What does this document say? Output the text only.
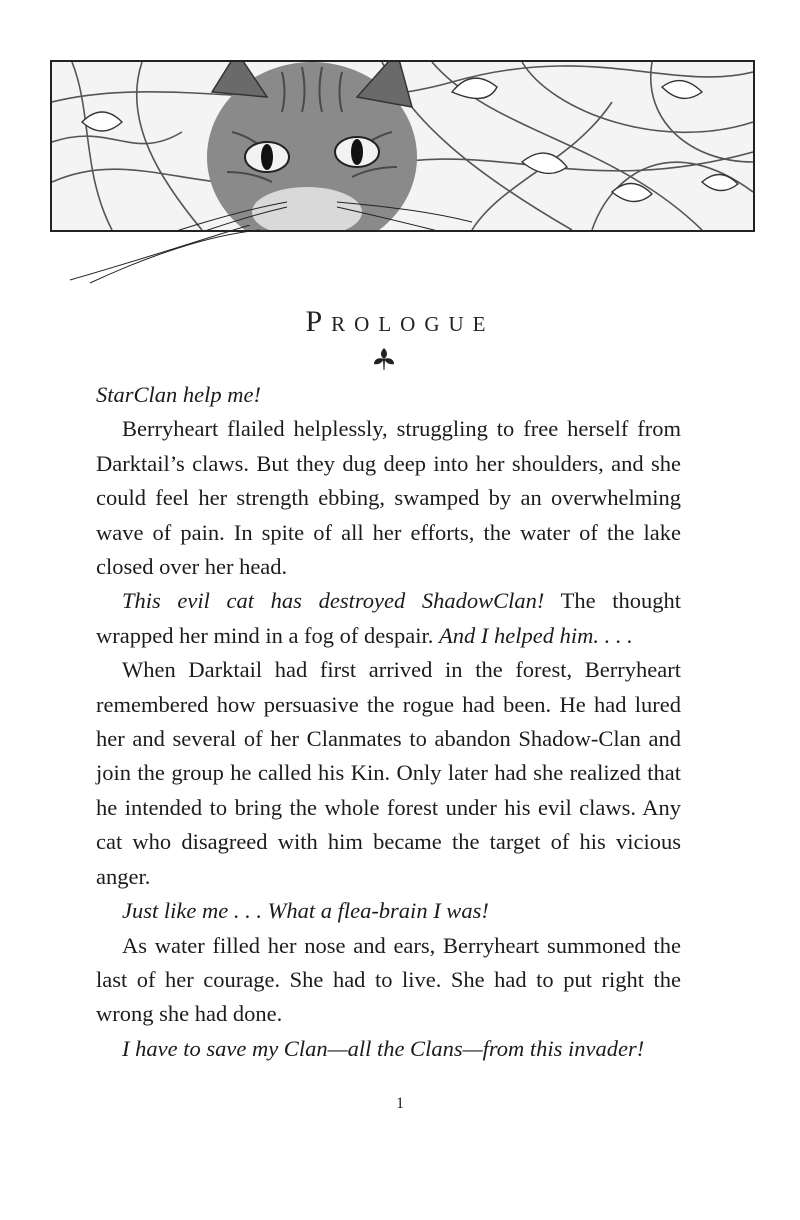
Prologue

StarClan help me!

Berryheart flailed helplessly, struggling to free herself from Darktail’s claws. But they dug deep into her shoulders, and she could feel her strength ebbing, swamped by an overwhelming wave of pain. In spite of all her efforts, the water of the lake closed over her head.

This evil cat has destroyed ShadowClan! The thought wrapped her mind in a fog of despair. And I helped him. . . .

When Darktail had first arrived in the forest, Berryheart remembered how persuasive the rogue had been. He had lured her and several of her Clanmates to abandon Shadow-Clan and join the group he called his Kin. Only later had she realized that he intended to bring the whole forest under his evil claws. Any cat who disagreed with him became the target of his vicious anger.

Just like me . . . What a flea-brain I was!

As water filled her nose and ears, Berryheart summoned the last of her courage. She had to live. She had to put right the wrong she had done.

I have to save my Clan—all the Clans—from this invader!

1
